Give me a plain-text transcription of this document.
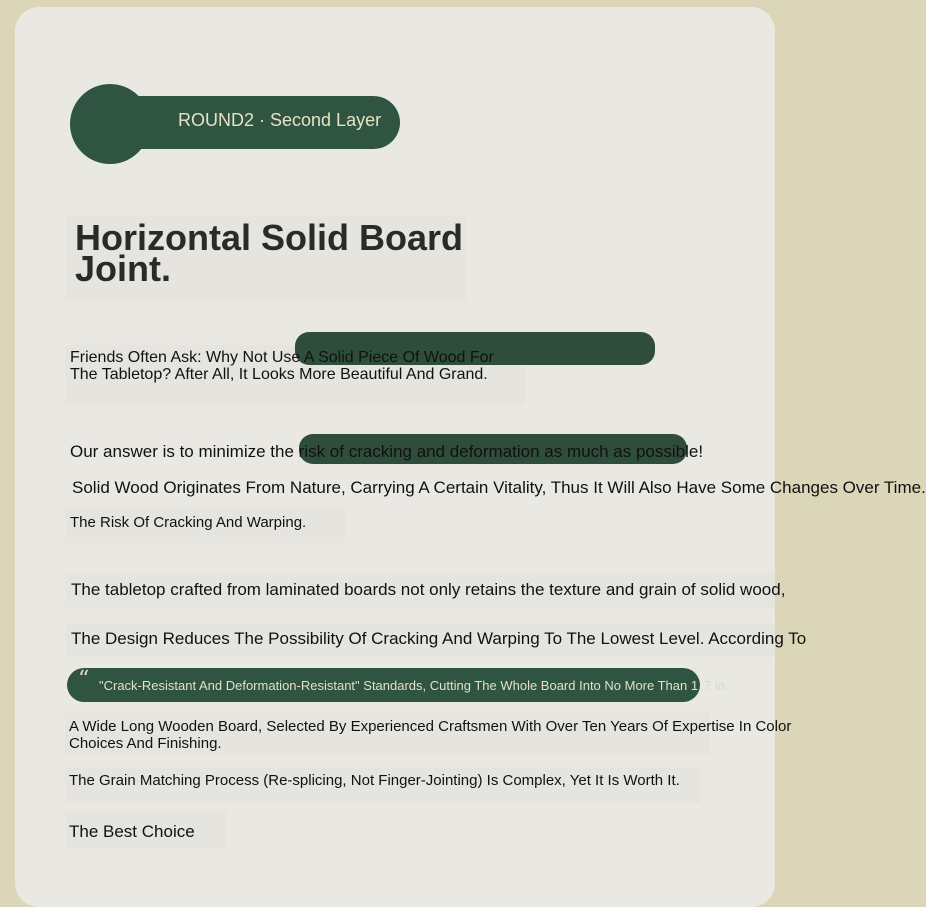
ROUND2 · Second Layer
Horizontal Solid Board
Joint.

Friends Often Ask: Why Not Use A Solid Piece Of Wood For
The Tabletop? After All, It Looks More Beautiful And Grand.

Our answer is to minimize the risk of cracking and deformation as much as possible!

Solid Wood Originates From Nature, Carrying A Certain Vitality, Thus It Will Also Have Some Changes Over Time.

The Risk Of Cracking And Warping.

The tabletop crafted from laminated boards not only retains the texture and grain of solid wood,

The Design Reduces The Possibility Of Cracking And Warping To The Lowest Level. According To

“ "Crack-Resistant And Deformation-Resistant" Standards, Cutting The Whole Board Into No More Than 1 7 in.

A Wide Long Wooden Board, Selected By Experienced Craftsmen With Over Ten Years Of Expertise In Color
Choices And Finishing.

The Grain Matching Process (Re-splicing, Not Finger-Jointing) Is Complex, Yet It Is Worth It.

The Best Choice
